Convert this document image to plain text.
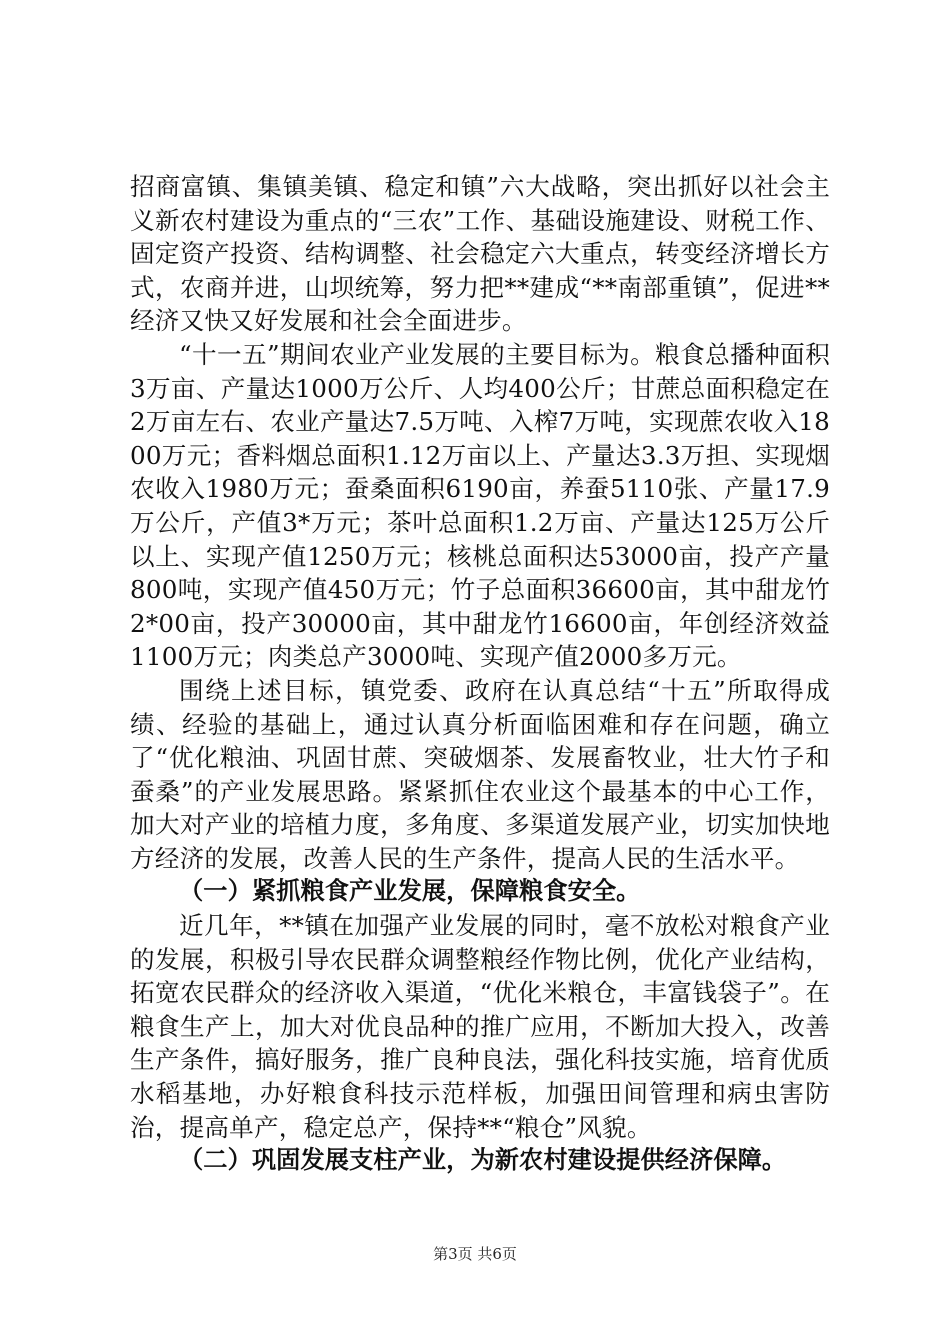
招商富镇、集镇美镇、稳定和镇”六大战略，突出抓好以社会主义新农村建设为重点的“三农”工作、基础设施建设、财税工作、固定资产投资、结构调整、社会稳定六大重点，转变经济增长方式，农商并进，山坝统筹，努力把**建成“**南部重镇”，促进**经济又快又好发展和社会全面进步。

“十一五”期间农业产业发展的主要目标为。粮食总播种面积3万亩、产量达1000万公斤、人均400公斤；甘蔗总面积稳定在2万亩左右、农业产量达7.5万吨、入榨7万吨，实现蔗农收入1800万元；香料烟总面积1.12万亩以上、产量达3.3万担、实现烟农收入1980万元；蚕桑面积6190亩，养蚕5110张、产量17.9万公斤，产值3*万元；茶叶总面积1.2万亩、产量达125万公斤以上、实现产值1250万元；核桃总面积达53000亩，投产产量800吨，实现产值450万元；竹子总面积36600亩，其中甜龙竹2*00亩，投产30000亩，其中甜龙竹16600亩，年创经济效益1100万元；肉类总产3000吨、实现产值2000多万元。

围绕上述目标，镇党委、政府在认真总结“十五”所取得成绩、经验的基础上，通过认真分析面临困难和存在问题，确立了“优化粮油、巩固甘蔗、突破烟茶、发展畜牧业，壮大竹子和蚕桑”的产业发展思路。紧紧抓住农业这个最基本的中心工作，加大对产业的培植力度，多角度、多渠道发展产业，切实加快地方经济的发展，改善人民的生产条件，提高人民的生活水平。

（一）紧抓粮食产业发展，保障粮食安全。

近几年，**镇在加强产业发展的同时，毫不放松对粮食产业的发展，积极引导农民群众调整粮经作物比例，优化产业结构，拓宽农民群众的经济收入渠道，“优化米粮仓，丰富钱袋子”。在粮食生产上，加大对优良品种的推广应用，不断加大投入，改善生产条件，搞好服务，推广良种良法，强化科技实施，培育优质水稻基地，办好粮食科技示范样板，加强田间管理和病虫害防治，提高单产，稳定总产，保持**“粮仓”风貌。

（二）巩固发展支柱产业，为新农村建设提供经济保障。

第3页 共6页
